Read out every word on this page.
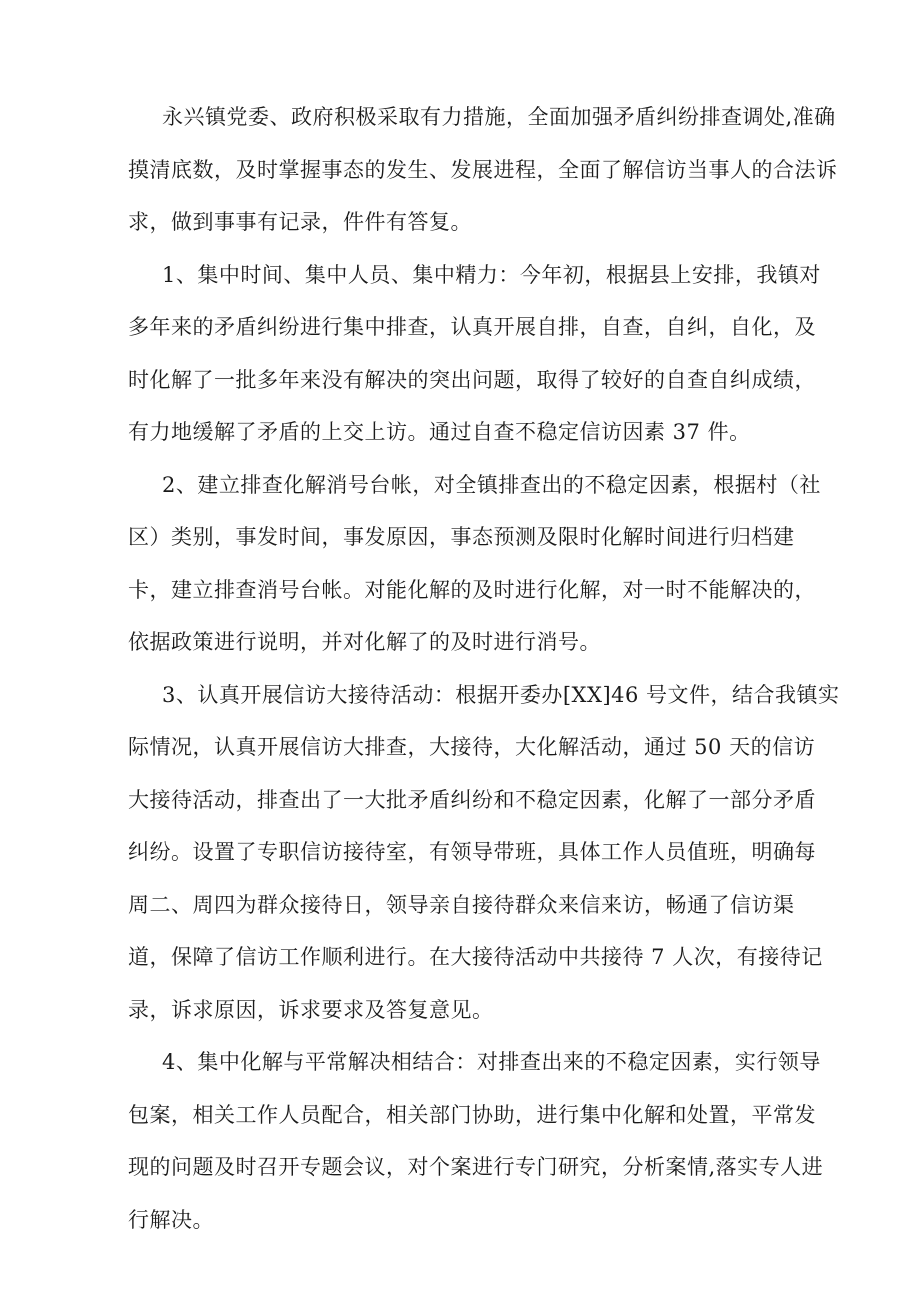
永兴镇党委、政府积极采取有力措施，全面加强矛盾纠纷排查调处,准确
摸清底数，及时掌握事态的发生、发展进程，全面了解信访当事人的合法诉
求，做到事事有记录，件件有答复。
1、集中时间、集中人员、集中精力：今年初，根据县上安排，我镇对
多年来的矛盾纠纷进行集中排查，认真开展自排，自查，自纠，自化，及
时化解了一批多年来没有解决的突出问题，取得了较好的自查自纠成绩，
有力地缓解了矛盾的上交上访。通过自查不稳定信访因素 37 件。
2、建立排查化解消号台帐，对全镇排查出的不稳定因素，根据村（社
区）类别，事发时间，事发原因，事态预测及限时化解时间进行归档建
卡，建立排查消号台帐。对能化解的及时进行化解，对一时不能解决的，
依据政策进行说明，并对化解了的及时进行消号。
3、认真开展信访大接待活动：根据开委办[XX]46 号文件，结合我镇实
际情况，认真开展信访大排查，大接待，大化解活动，通过 50 天的信访
大接待活动，排查出了一大批矛盾纠纷和不稳定因素，化解了一部分矛盾
纠纷。设置了专职信访接待室，有领导带班，具体工作人员值班，明确每
周二、周四为群众接待日，领导亲自接待群众来信来访，畅通了信访渠
道，保障了信访工作顺利进行。在大接待活动中共接待 7 人次，有接待记
录，诉求原因，诉求要求及答复意见。
4、集中化解与平常解决相结合：对排查出来的不稳定因素，实行领导
包案，相关工作人员配合，相关部门协助，进行集中化解和处置，平常发
现的问题及时召开专题会议，对个案进行专门研究，分析案情,落实专人进
行解决。
